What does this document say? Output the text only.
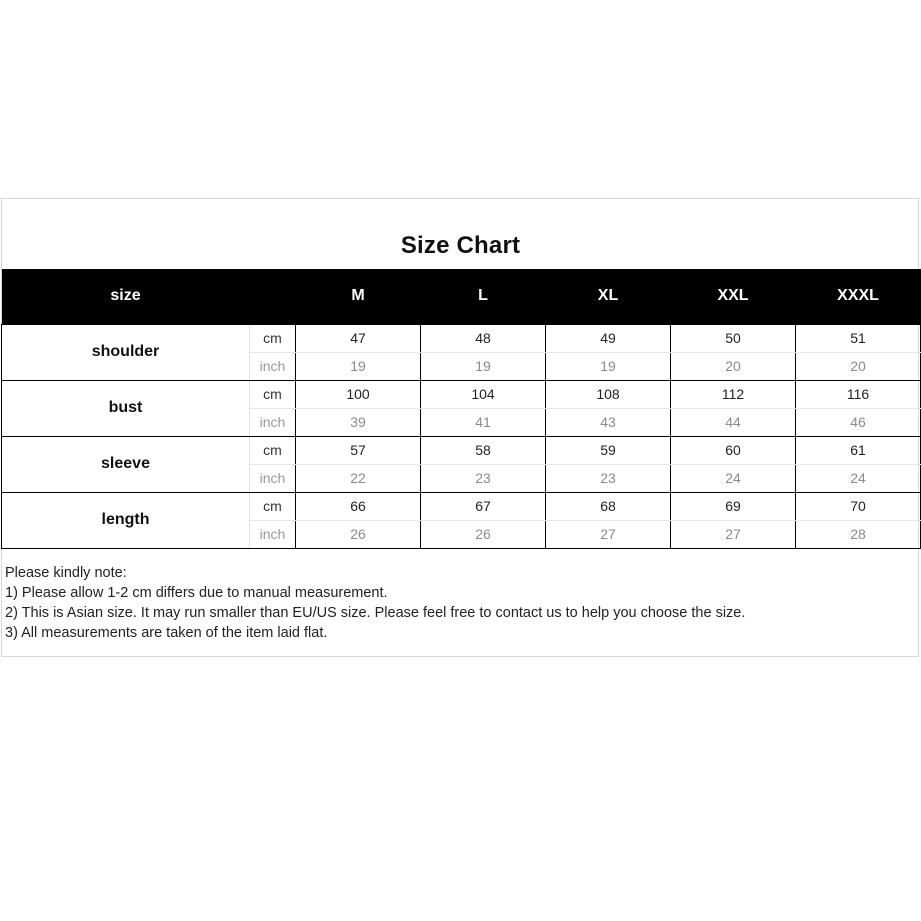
Size Chart
size		M	L	XL	XXL	XXXL
shoulder	cm	47	48	49	50	51
	inch	19	19	19	20	20
bust	cm	100	104	108	112	116
	inch	39	41	43	44	46
sleeve	cm	57	58	59	60	61
	inch	22	23	23	24	24
length	cm	66	67	68	69	70
	inch	26	26	27	27	28
Please kindly note:
1) Please allow 1-2 cm differs due to manual measurement.
2) This is Asian size. It may run smaller than EU/US size. Please feel free to contact us to help you choose the size.
3) All measurements are taken of the item laid flat.
